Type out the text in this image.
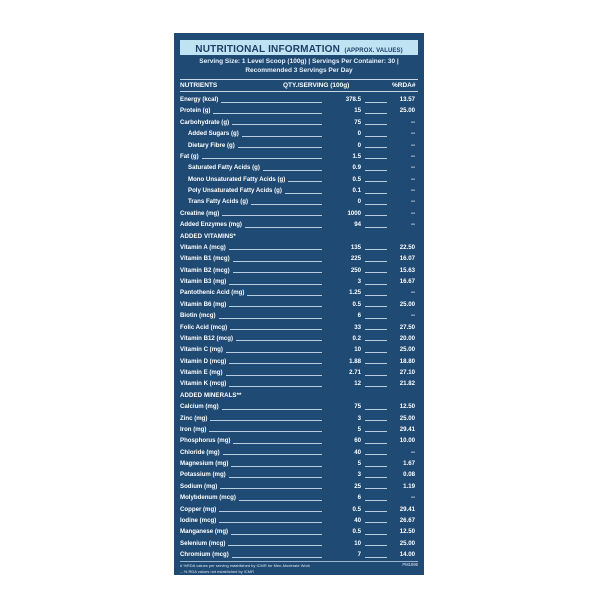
NUTRITIONAL INFORMATION (APPROX. VALUES)
Serving Size: 1 Level Scoop (100g) | Servings Per Container: 30 |
Recommended 3 Servings Per Day
NUTRIENTS	QTY./SERVING (100g)	%RDA#
Energy (kcal)	378.5	13.57
Protein (g)	15	25.00
Carbohydrate (g)	75	--
Added Sugars (g)	0	--
Dietary Fibre (g)	0	--
Fat (g)	1.5	--
Saturated Fatty Acids (g)	0.9	--
Mono Unsaturated Fatty Acids (g)	0.5	--
Poly Unsaturated Fatty Acids (g)	0.1	--
Trans Fatty Acids (g)	0	--
Creatine (mg)	1000	--
Added Enzymes (mg)	94	--
ADDED VITAMINS*
Vitamin A (mcg)	135	22.50
Vitamin B1 (mcg)	225	16.07
Vitamin B2 (mcg)	250	15.63
Vitamin B3 (mg)	3	16.67
Pantothenic Acid (mg)	1.25	--
Vitamin B6 (mg)	0.5	25.00
Biotin (mcg)	6	--
Folic Acid (mcg)	33	27.50
Vitamin B12 (mcg)	0.2	20.00
Vitamin C (mg)	10	25.00
Vitamin D (mcg)	1.88	18.80
Vitamin E (mg)	2.71	27.10
Vitamin K (mcg)	12	21.82
ADDED MINERALS**
Calcium (mg)	75	12.50
Zinc (mg)	3	25.00
Iron (mg)	5	29.41
Phosphorus (mg)	60	10.00
Chloride (mg)	40	--
Magnesium (mg)	5	1.67
Potassium (mg)	3	0.08
Sodium (mg)	25	1.19
Molybdenum (mcg)	6	--
Copper (mg)	0.5	29.41
Iodine (mcg)	40	26.67
Manganese (mg)	0.5	12.50
Selenium (mcg)	10	25.00
Chromium (mcg)	7	14.00
# %RDA values per serving established by ICMR for Men-Moderate Work
-- % RDA values not established by ICMR
PM1896
